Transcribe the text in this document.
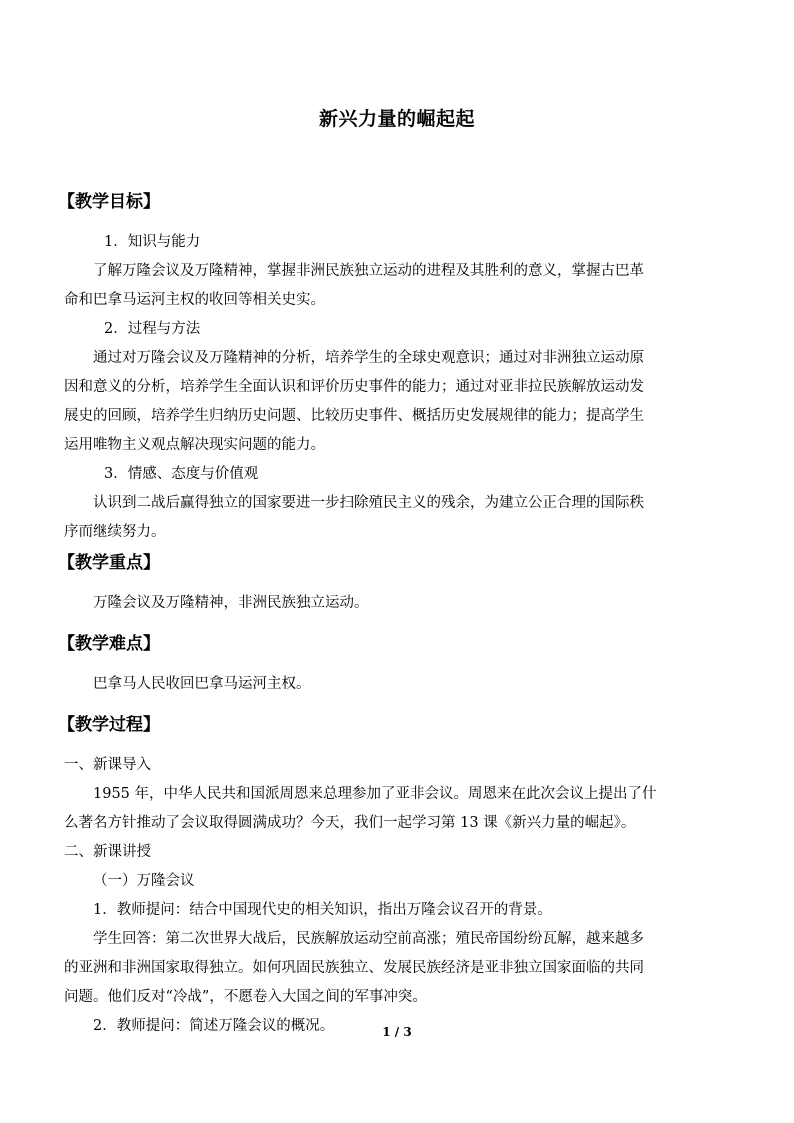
新兴力量的崛起起
【教学目标】
1．知识与能力
了解万隆会议及万隆精神，掌握非洲民族独立运动的进程及其胜利的意义，掌握古巴革
命和巴拿马运河主权的收回等相关史实。
2．过程与方法
通过对万隆会议及万隆精神的分析，培养学生的全球史观意识；通过对非洲独立运动原
因和意义的分析，培养学生全面认识和评价历史事件的能力；通过对亚非拉民族解放运动发
展史的回顾，培养学生归纳历史问题、比较历史事件、概括历史发展规律的能力；提高学生
运用唯物主义观点解决现实问题的能力。
3．情感、态度与价值观
认识到二战后赢得独立的国家要进一步扫除殖民主义的残余，为建立公正合理的国际秩
序而继续努力。
【教学重点】
万隆会议及万隆精神，非洲民族独立运动。
【教学难点】
巴拿马人民收回巴拿马运河主权。
【教学过程】
一、新课导入
1955 年，中华人民共和国派周恩来总理参加了亚非会议。周恩来在此次会议上提出了什
么著名方针推动了会议取得圆满成功？今天，我们一起学习第 13 课《新兴力量的崛起》。
二、新课讲授
（一）万隆会议
1．教师提问：结合中国现代史的相关知识，指出万隆会议召开的背景。
学生回答：第二次世界大战后，民族解放运动空前高涨；殖民帝国纷纷瓦解，越来越多
的亚洲和非洲国家取得独立。如何巩固民族独立、发展民族经济是亚非独立国家面临的共同
问题。他们反对“冷战”，不愿卷入大国之间的军事冲突。
2．教师提问：简述万隆会议的概况。	1 / 3
